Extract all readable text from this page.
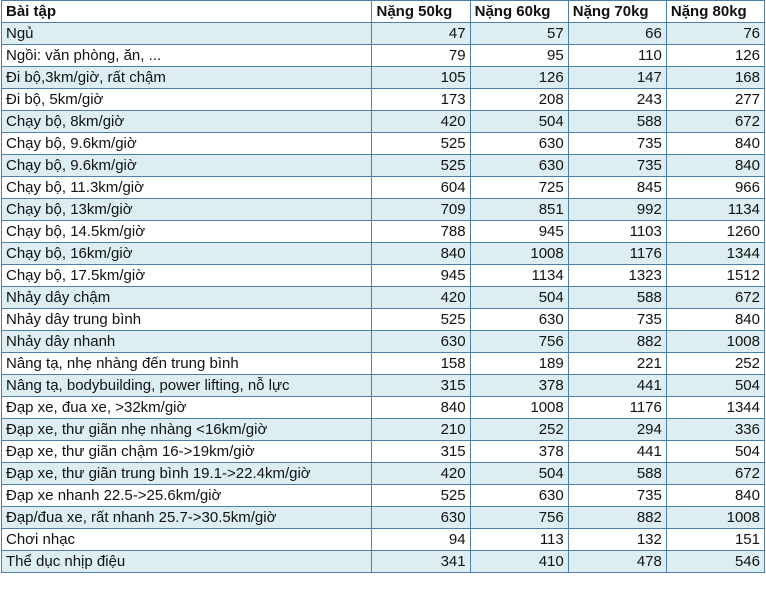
Bài tập	Nặng 50kg	Nặng 60kg	Nặng 70kg	Nặng 80kg
Ngủ	47	57	66	76
Ngồi: văn phòng, ăn, ...	79	95	110	126
Đi bộ,3km/giờ, rất chậm	105	126	147	168
Đi bộ, 5km/giờ	173	208	243	277
Chạy bộ, 8km/giờ	420	504	588	672
Chạy bộ, 9.6km/giờ	525	630	735	840
Chạy bộ, 9.6km/giờ	525	630	735	840
Chạy bộ, 11.3km/giờ	604	725	845	966
Chạy bộ, 13km/giờ	709	851	992	1134
Chạy bộ, 14.5km/giờ	788	945	1103	1260
Chạy bộ, 16km/giờ	840	1008	1176	1344
Chạy bộ, 17.5km/giờ	945	1134	1323	1512
Nhảy dây chậm	420	504	588	672
Nhảy dây trung bình	525	630	735	840
Nhảy dây nhanh	630	756	882	1008
Nâng tạ, nhẹ nhàng đến trung bình	158	189	221	252
Nâng tạ, bodybuilding, power lifting, nỗ lực	315	378	441	504
Đạp xe, đua xe, >32km/giờ	840	1008	1176	1344
Đạp xe, thư giãn nhẹ nhàng <16km/giờ	210	252	294	336
Đạp xe, thư giãn chậm 16->19km/giờ	315	378	441	504
Đạp xe, thư giãn trung bình 19.1->22.4km/giờ	420	504	588	672
Đạp xe nhanh 22.5->25.6km/giờ	525	630	735	840
Đạp/đua xe, rất nhanh 25.7->30.5km/giờ	630	756	882	1008
Chơi nhạc	94	113	132	151
Thể dục nhịp điệu	341	410	478	546
